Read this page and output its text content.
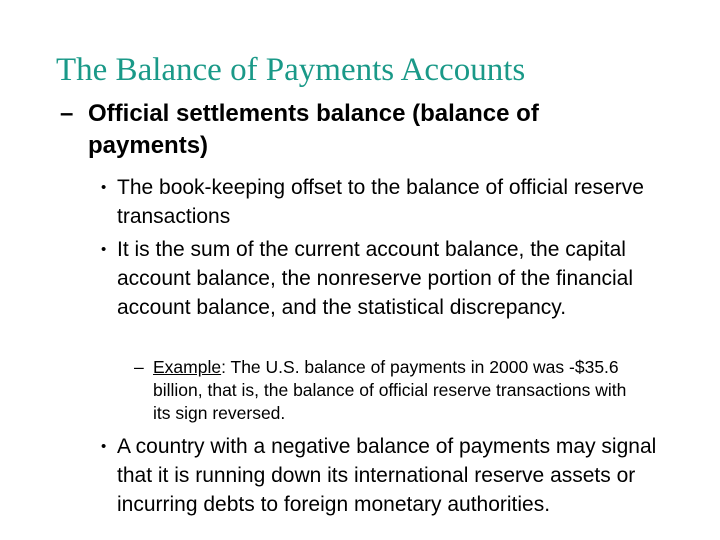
The Balance of Payments Accounts
– Official settlements balance (balance of payments)
• The book-keeping offset to the balance of official reserve transactions
• It is the sum of the current account balance, the capital account balance, the nonreserve portion of the financial account balance, and the statistical discrepancy.
– Example: The U.S. balance of payments in 2000 was -$35.6 billion, that is, the balance of official reserve transactions with its sign reversed.
• A country with a negative balance of payments may signal that it is running down its international reserve assets or incurring debts to foreign monetary authorities.
